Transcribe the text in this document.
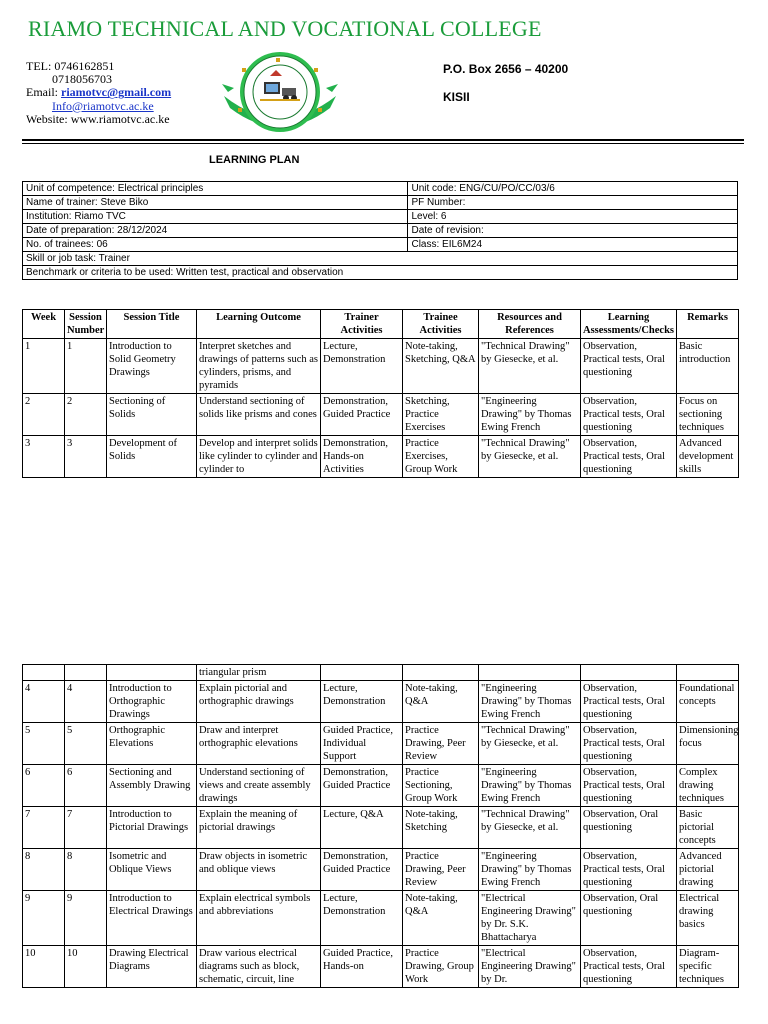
RIAMO TECHNICAL AND VOCATIONAL COLLEGE
TEL: 0746162851
0718056703
Email: riamotvc@gmail.com
Info@riamotvc.ac.ke
Website: www.riamotvc.ac.ke
P.O. Box 2656 – 40200
KISII
LEARNING PLAN
Unit of competence: Electrical principles	Unit code: ENG/CU/PO/CC/03/6
Name of trainer: Steve Biko	PF Number:
Institution: Riamo TVC	Level: 6
Date of preparation: 28/12/2024	Date of revision:
No. of trainees: 06	Class: EIL6M24
Skill or job task: Trainer	
Benchmark or criteria to be used: Written test, practical and observation	
Week	Session Number	Session Title	Learning Outcome	Trainer Activities	Trainee Activities	Resources and References	Learning Assessments/Checks	Remarks
1	1	Introduction to Solid Geometry Drawings	Interpret sketches and drawings of patterns such as cylinders, prisms, and pyramids	Lecture, Demonstration	Note-taking, Sketching, Q&A	"Technical Drawing" by Giesecke, et al.	Observation, Practical tests, Oral questioning	Basic introduction
2	2	Sectioning of Solids	Understand sectioning of solids like prisms and cones	Demonstration, Guided Practice	Sketching, Practice Exercises	"Engineering Drawing" by Thomas Ewing French	Observation, Practical tests, Oral questioning	Focus on sectioning techniques
3	3	Development of Solids	Develop and interpret solids like cylinder to cylinder and cylinder to	Demonstration, Hands-on Activities	Practice Exercises, Group Work	"Technical Drawing" by Giesecke, et al.	Observation, Practical tests, Oral questioning	Advanced development skills
			triangular prism					
4	4	Introduction to Orthographic Drawings	Explain pictorial and orthographic drawings	Lecture, Demonstration	Note-taking, Q&A	"Engineering Drawing" by Thomas Ewing French	Observation, Practical tests, Oral questioning	Foundational concepts
5	5	Orthographic Elevations	Draw and interpret orthographic elevations	Guided Practice, Individual Support	Practice Drawing, Peer Review	"Technical Drawing" by Giesecke, et al.	Observation, Practical tests, Oral questioning	Dimensioning focus
6	6	Sectioning and Assembly Drawing	Understand sectioning of views and create assembly drawings	Demonstration, Guided Practice	Practice Sectioning, Group Work	"Engineering Drawing" by Thomas Ewing French	Observation, Practical tests, Oral questioning	Complex drawing techniques
7	7	Introduction to Pictorial Drawings	Explain the meaning of pictorial drawings	Lecture, Q&A	Note-taking, Sketching	"Technical Drawing" by Giesecke, et al.	Observation, Oral questioning	Basic pictorial concepts
8	8	Isometric and Oblique Views	Draw objects in isometric and oblique views	Demonstration, Guided Practice	Practice Drawing, Peer Review	"Engineering Drawing" by Thomas Ewing French	Observation, Practical tests, Oral questioning	Advanced pictorial drawing
9	9	Introduction to Electrical Drawings	Explain electrical symbols and abbreviations	Lecture, Demonstration	Note-taking, Q&A	"Electrical Engineering Drawing" by Dr. S.K. Bhattacharya	Observation, Oral questioning	Electrical drawing basics
10	10	Drawing Electrical Diagrams	Draw various electrical diagrams such as block, schematic, circuit, line	Guided Practice, Hands-on	Practice Drawing, Group Work	"Electrical Engineering Drawing" by Dr.	Observation, Practical tests, Oral questioning	Diagram-specific techniques
